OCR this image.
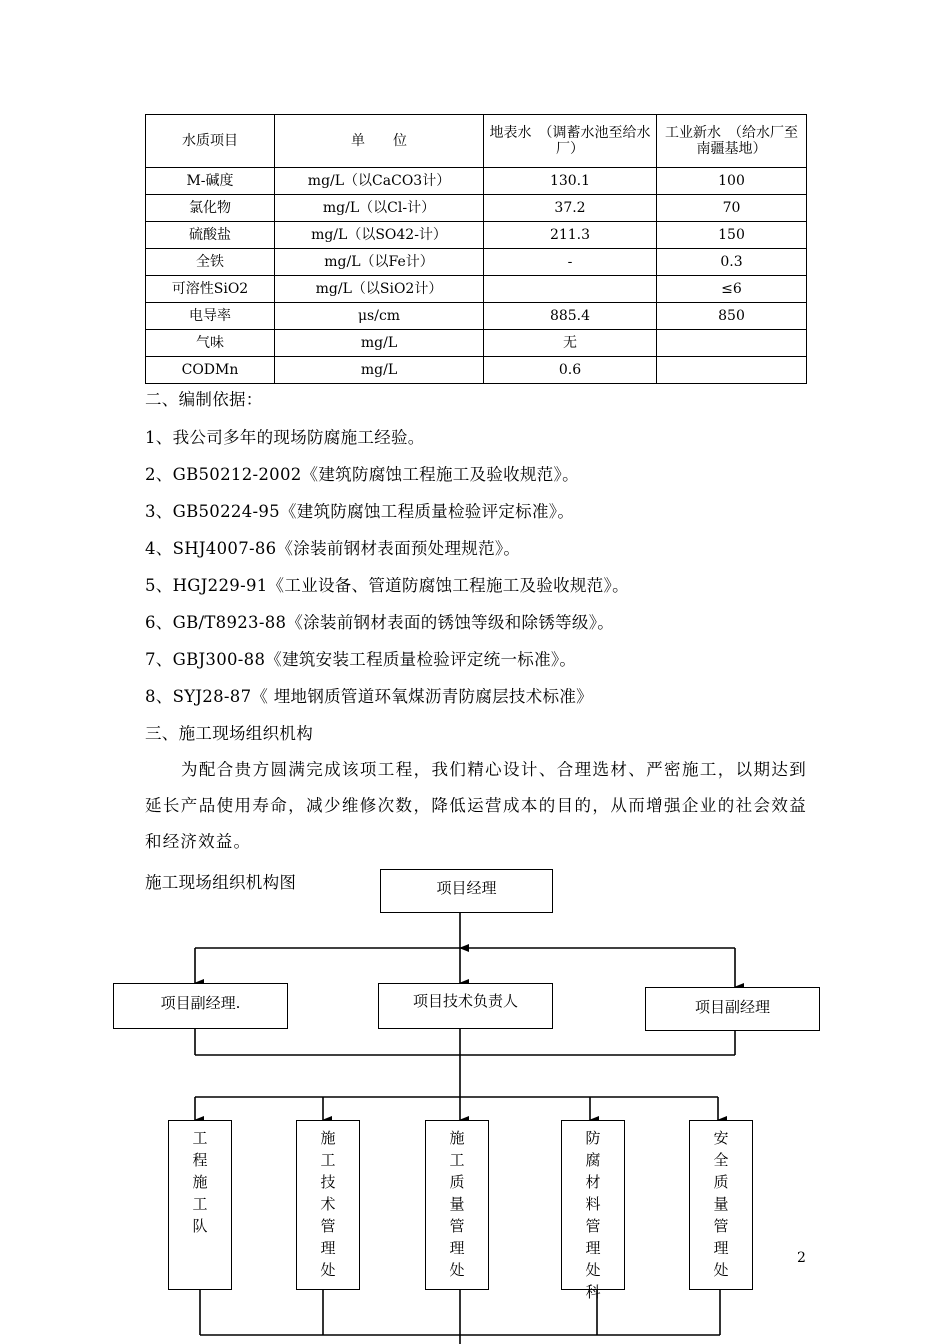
水质项目	单　　位	地表水　（调蓄水池至给水厂）	工业新水　（给水厂至南疆基地）
M-碱度	mg/L（以CaCO3计）	130.1	100
氯化物	mg/L（以Cl-计）	37.2	70
硫酸盐	mg/L（以SO42-计）	211.3	150
全铁	mg/L（以Fe计）	-	0.3
可溶性SiO2	mg/L（以SiO2计）		≤6
电导率	μs/cm	885.4	850
气味	mg/L	无	
CODMn	mg/L	0.6	
二、编制依据：
1、我公司多年的现场防腐施工经验。
2、GB50212-2002《建筑防腐蚀工程施工及验收规范》。
3、GB50224-95《建筑防腐蚀工程质量检验评定标准》。
4、SHJ4007-86《涂装前钢材表面预处理规范》。
5、HGJ229-91《工业设备、管道防腐蚀工程施工及验收规范》。
6、GB/T8923-88《涂装前钢材表面的锈蚀等级和除锈等级》。
7、GBJ300-88《建筑安装工程质量检验评定统一标准》。
8、SYJ28-87《 埋地钢质管道环氧煤沥青防腐层技术标准》
三、施工现场组织机构

为配合贵方圆满完成该项工程，我们精心设计、合理选材、严密施工，以期达到延长产品使用寿命，减少维修次数，降低运营成本的目的，从而增强企业的社会效益和经济效益。

施工现场组织机构图	项目经理
项目副经理.	项目技术负责人	项目副经理
工
程
施
工
队
施
工
技
术
管
理
处
施
工
质
量
管
理
处
防
腐
材
料
管
理
处
科
安
全
质
量
管
理
处
2
